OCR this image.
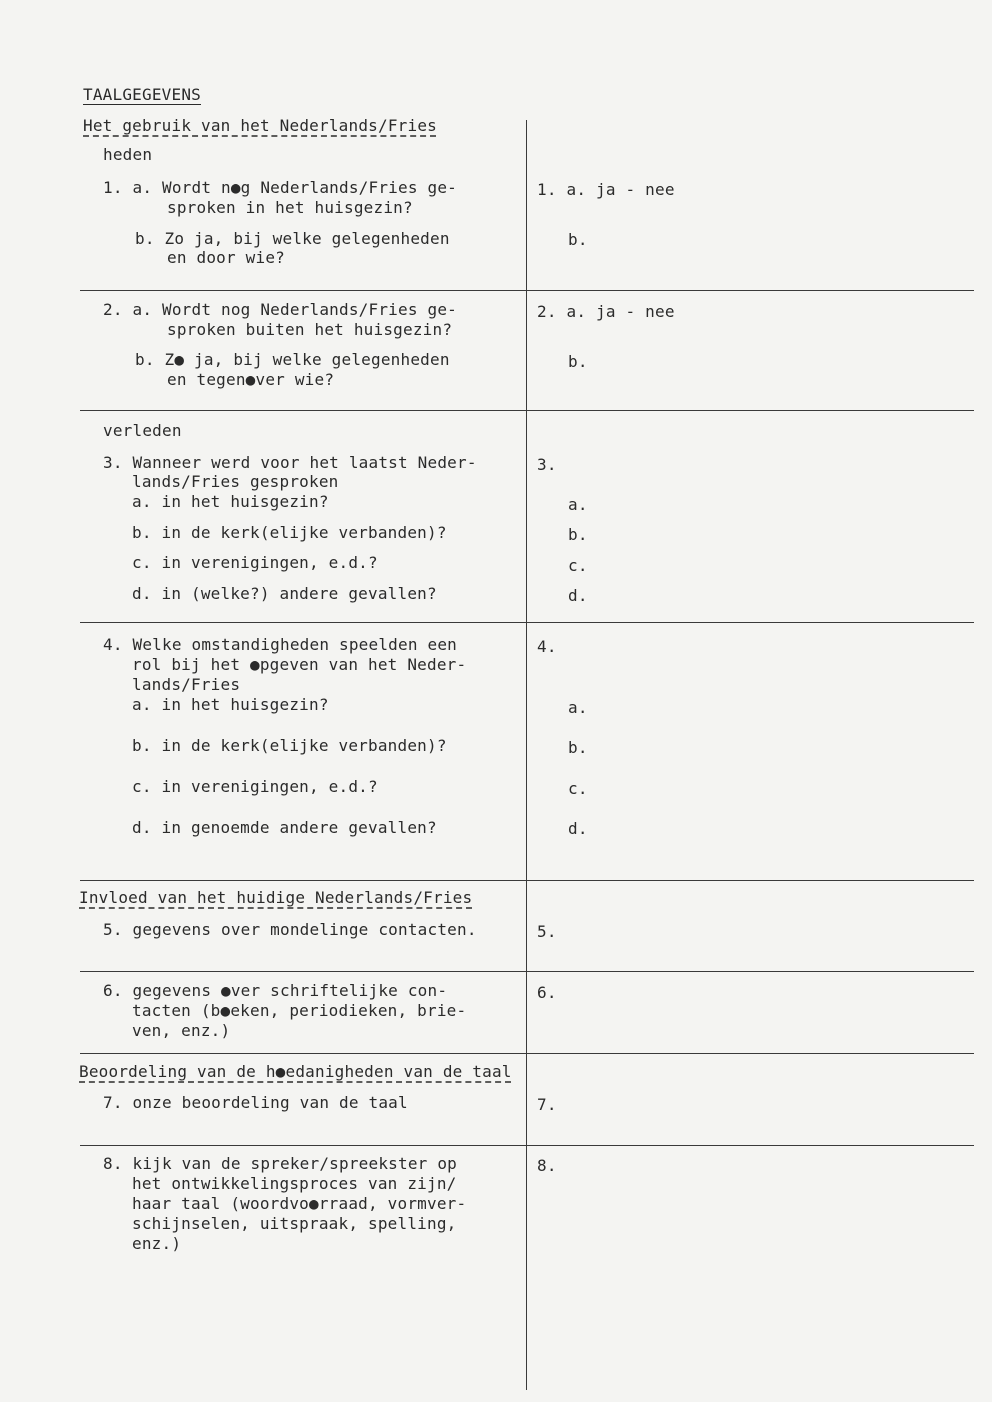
TAALGEGEVENS
Het gebruik van het Nederlands/Fries
heden
1. a. Wordt n●g Nederlands/Fries ge-
sproken in het huisgezin?
b. Zo ja, bij welke gelegenheden
en door wie?
1. a. ja - nee
b.
2. a. Wordt nog Nederlands/Fries ge-
sproken buiten het huisgezin?
b. Z● ja, bij welke gelegenheden
en tegen●ver wie?
2. a. ja - nee
b.
verleden
3. Wanneer werd voor het laatst Neder-
lands/Fries gesproken
a. in het huisgezin?
b. in de kerk(elijke verbanden)?
c. in verenigingen, e.d.?
d. in (welke?) andere gevallen?
3.
a.
b.
c.
d.
4. Welke omstandigheden speelden een
rol bij het ●pgeven van het Neder-
lands/Fries
a. in het huisgezin?
b. in de kerk(elijke verbanden)?
c. in verenigingen, e.d.?
d. in genoemde andere gevallen?
4.
a.
b.
c.
d.
Invloed van het huidige Nederlands/Fries
5. gegevens over mondelinge contacten.	5.
6. gegevens ●ver schriftelijke con-
tacten (b●eken, periodieken, brie-
ven, enz.)
6.
Beoordeling van de h●edanigheden van de taal
7. onze beoordeling van de taal	7.
8. kijk van de spreker/spreekster op
het ontwikkelingsproces van zijn/
haar taal (woordvo●rraad, vormver-
schijnselen, uitspraak, spelling,
enz.)
8.
